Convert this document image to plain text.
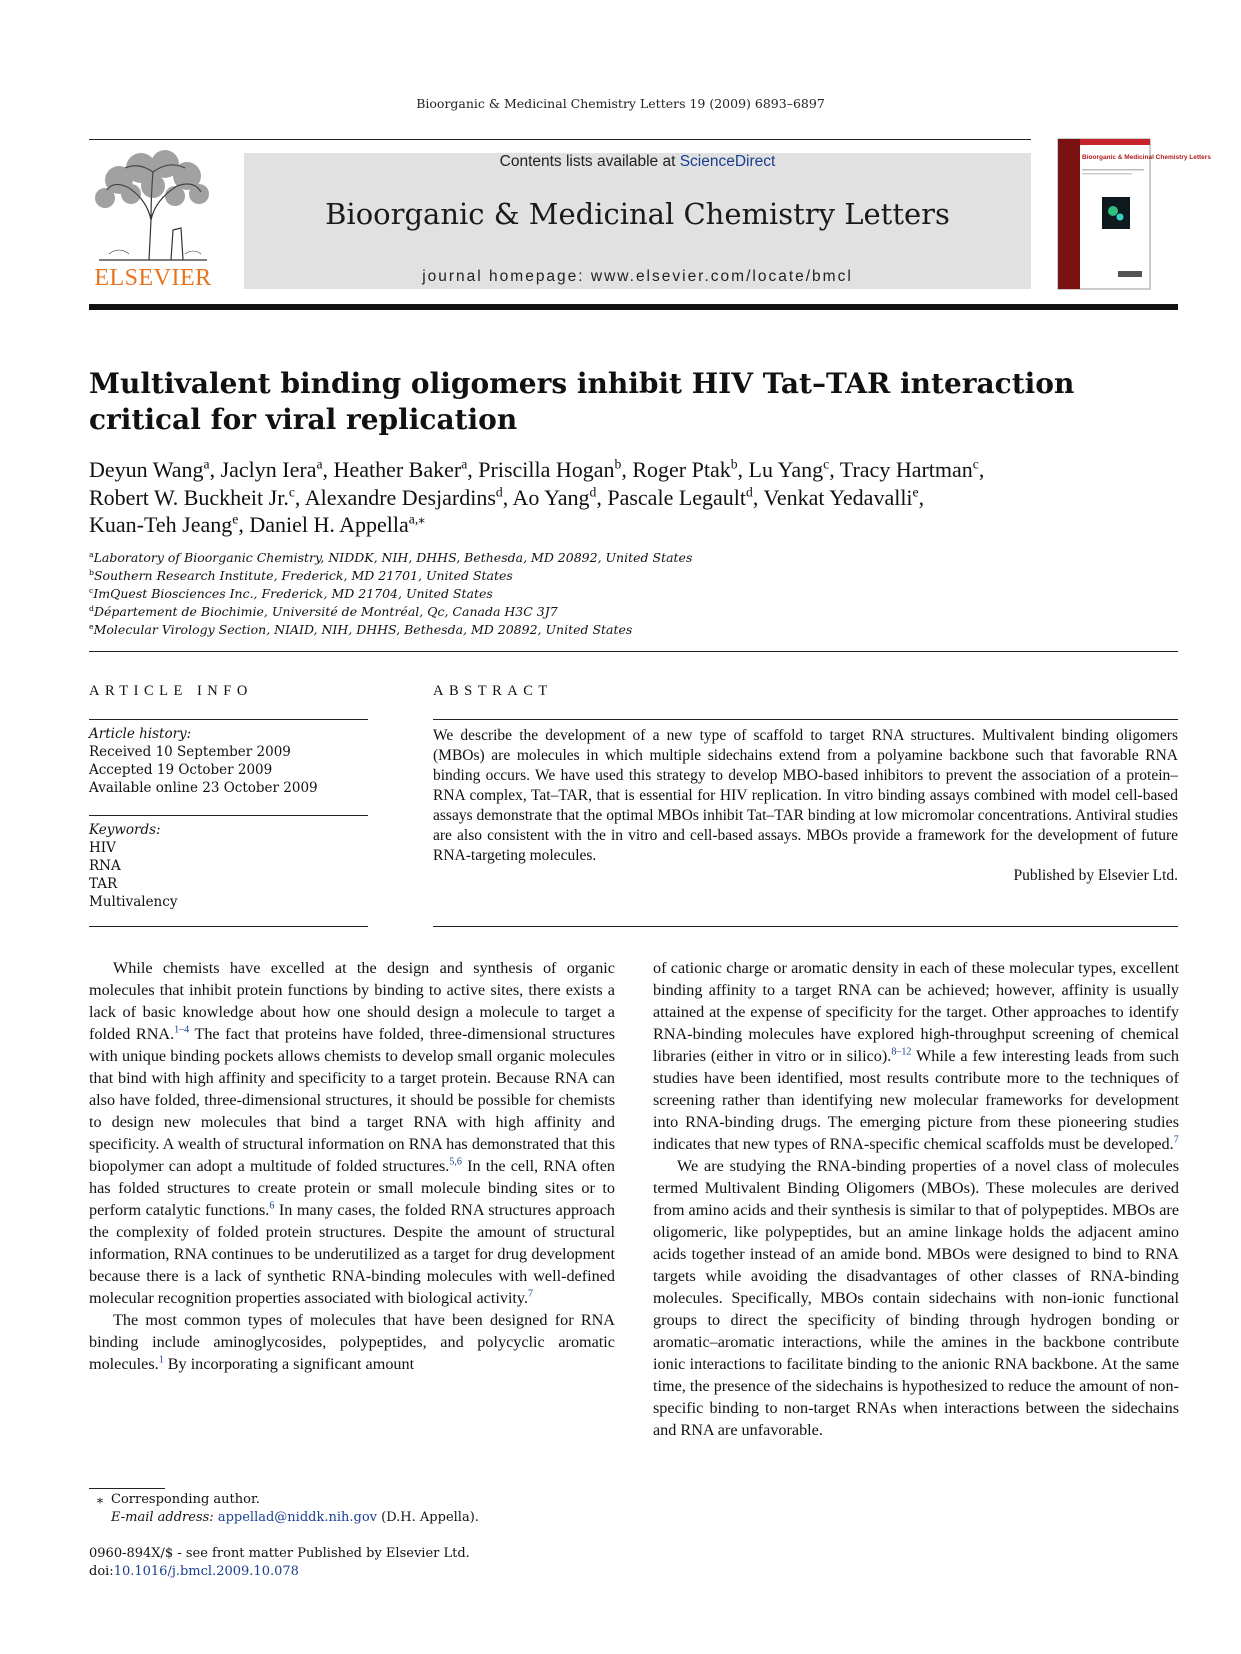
Bioorganic & Medicinal Chemistry Letters 19 (2009) 6893–6897
ELSEVIER
Contents lists available at ScienceDirect
Bioorganic & Medicinal Chemistry Letters
journal homepage: www.elsevier.com/locate/bmcl
Bioorganic & Medicinal Chemistry Letters
Multivalent binding oligomers inhibit HIV Tat–TAR interaction critical for viral replication
Deyun Wang$^a$, Jaclyn Iera$^a$, Heather Baker$^a$, Priscilla Hogan$^b$, Roger Ptak$^b$, Lu Yang$^c$, Tracy Hartman$^c$,
Robert W. Buckheit Jr.$^c$, Alexandre Desjardins$^d$, Ao Yang$^d$, Pascale Legault$^d$, Venkat Yedavalli$^e$,
Kuan-Teh Jeang$^e$, Daniel H. Appella$^{a,⁎}$
$^a$Laboratory of Bioorganic Chemistry, NIDDK, NIH, DHHS, Bethesda, MD 20892, United States
$^b$Southern Research Institute, Frederick, MD 21701, United States
$^c$ImQuest Biosciences Inc., Frederick, MD 21704, United States
$^d$Département de Biochimie, Université de Montréal, Qc, Canada H3C 3J7
$^e$Molecular Virology Section, NIAID, NIH, DHHS, Bethesda, MD 20892, United States
ARTICLE INFO	ABSTRACT
Article history:
Received 10 September 2009
Accepted 19 October 2009
Available online 23 October 2009
Keywords:
HIV
RNA
TAR
Multivalency
We describe the development of a new type of scaffold to target RNA structures. Multivalent binding oligomers (MBOs) are molecules in which multiple sidechains extend from a polyamine backbone such that favorable RNA binding occurs. We have used this strategy to develop MBO-based inhibitors to prevent the association of a protein–RNA complex, Tat–TAR, that is essential for HIV replication. In vitro binding assays combined with model cell-based assays demonstrate that the optimal MBOs inhibit Tat–TAR binding at low micromolar concentrations. Antiviral studies are also consistent with the in vitro and cell-based assays. MBOs provide a framework for the development of future RNA-targeting molecules.
Published by Elsevier Ltd.

While chemists have excelled at the design and synthesis of organic molecules that inhibit protein functions by binding to active sites, there exists a lack of basic knowledge about how one should design a molecule to target a folded RNA.$^{1-4}$ The fact that proteins have folded, three-dimensional structures with unique binding pockets allows chemists to develop small organic molecules that bind with high affinity and specificity to a target protein. Because RNA can also have folded, three-dimensional structures, it should be possible for chemists to design new molecules that bind a target RNA with high affinity and specificity. A wealth of structural information on RNA has demonstrated that this biopolymer can adopt a multitude of folded structures.$^{5,6}$ In the cell, RNA often has folded structures to create protein or small molecule binding sites or to perform catalytic functions.$^6$ In many cases, the folded RNA structures approach the complexity of folded protein structures. Despite the amount of structural information, RNA continues to be underutilized as a target for drug development because there is a lack of synthetic RNA-binding molecules with well-defined molecular recognition properties associated with biological activity.$^7$

The most common types of molecules that have been designed for RNA binding include aminoglycosides, polypeptides, and polycyclic aromatic molecules.$^1$ By incorporating a significant amount

of cationic charge or aromatic density in each of these molecular types, excellent binding affinity to a target RNA can be achieved; however, affinity is usually attained at the expense of specificity for the target. Other approaches to identify RNA-binding molecules have explored high-throughput screening of chemical libraries (either in vitro or in silico).$^{8-12}$ While a few interesting leads from such studies have been identified, most results contribute more to the techniques of screening rather than identifying new molecular frameworks for development into RNA-binding drugs. The emerging picture from these pioneering studies indicates that new types of RNA-specific chemical scaffolds must be developed.$^7$

We are studying the RNA-binding properties of a novel class of molecules termed Multivalent Binding Oligomers (MBOs). These molecules are derived from amino acids and their synthesis is similar to that of polypeptides. MBOs are oligomeric, like polypeptides, but an amine linkage holds the adjacent amino acids together instead of an amide bond. MBOs were designed to bind to RNA targets while avoiding the disadvantages of other classes of RNA-binding molecules. Specifically, MBOs contain sidechains with non-ionic functional groups to direct the specificity of binding through hydrogen bonding or aromatic–aromatic interactions, while the amines in the backbone contribute ionic interactions to facilitate binding to the anionic RNA backbone. At the same time, the presence of the sidechains is hypothesized to reduce the amount of non-specific binding to non-target RNAs when interactions between the sidechains and RNA are unfavorable.

⁎ Corresponding author.
E-mail address: appellad@niddk.nih.gov (D.H. Appella).
0960-894X/$ - see front matter Published by Elsevier Ltd.
doi:10.1016/j.bmcl.2009.10.078
